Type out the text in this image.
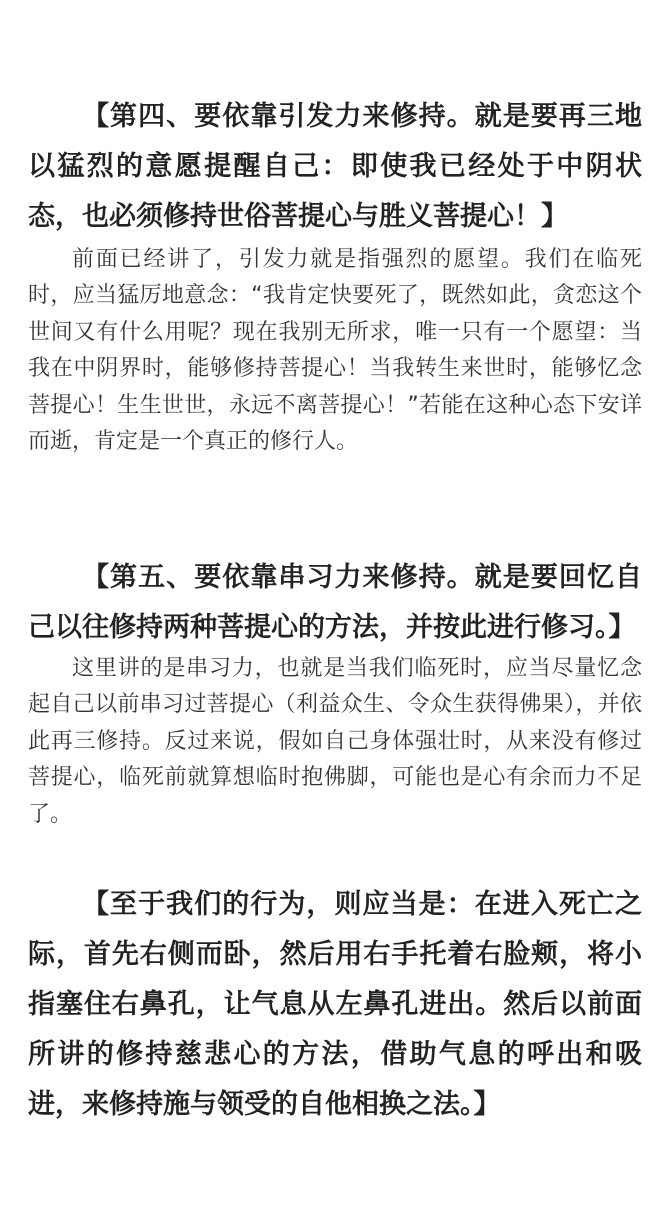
【第四、要依靠引发力来修持。就是要再三地以猛烈的意愿提醒自己：即使我已经处于中阴状态，也必须修持世俗菩提心与胜义菩提心！】

前面已经讲了，引发力就是指强烈的愿望。我们在临死时，应当猛厉地意念：“我肯定快要死了，既然如此，贪恋这个世间又有什么用呢？现在我别无所求，唯一只有一个愿望：当我在中阴界时，能够修持菩提心！当我转生来世时，能够忆念菩提心！生生世世，永远不离菩提心！”若能在这种心态下安详而逝，肯定是一个真正的修行人。

【第五、要依靠串习力来修持。就是要回忆自己以往修持两种菩提心的方法，并按此进行修习。】

这里讲的是串习力，也就是当我们临死时，应当尽量忆念起自己以前串习过菩提心（利益众生、令众生获得佛果），并依此再三修持。反过来说，假如自己身体强壮时，从来没有修过菩提心，临死前就算想临时抱佛脚，可能也是心有余而力不足了。

【至于我们的行为，则应当是：在进入死亡之际，首先右侧而卧，然后用右手托着右脸颊，将小指塞住右鼻孔，让气息从左鼻孔进出。然后以前面所讲的修持慈悲心的方法，借助气息的呼出和吸进，来修持施与领受的自他相换之法。】
